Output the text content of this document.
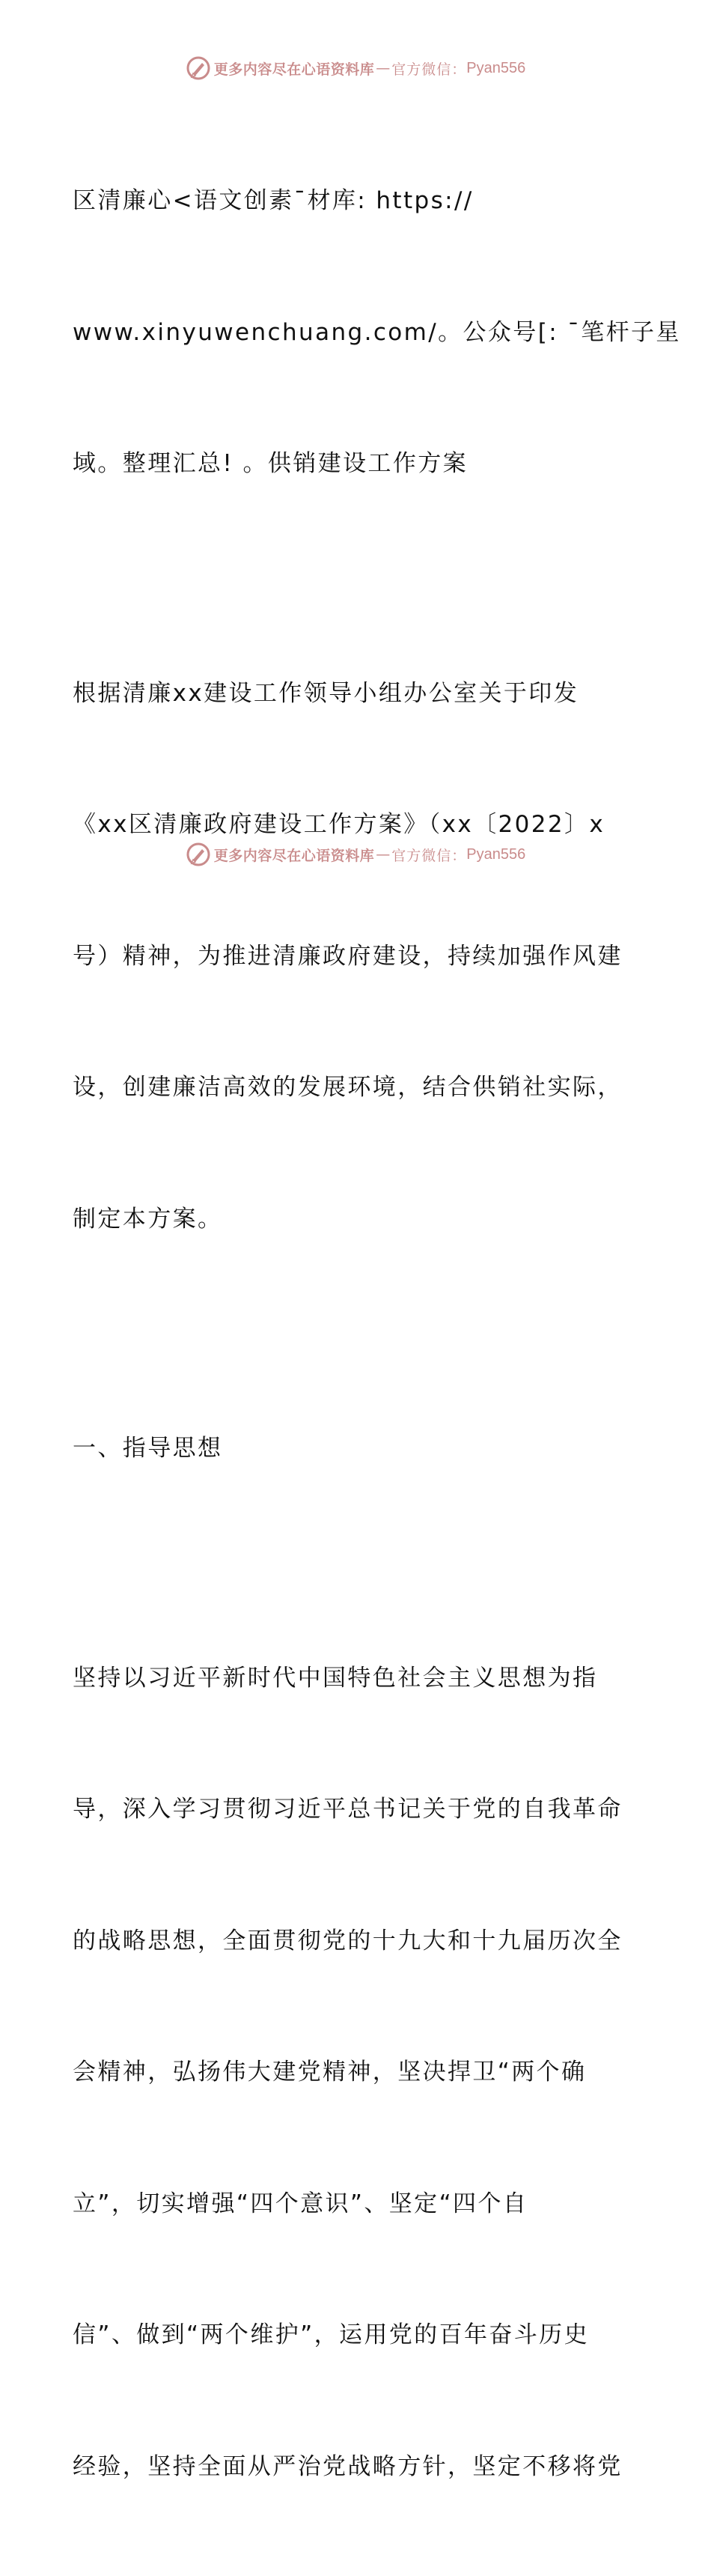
更多内容尽在心语资料库 — 官方微信： Pyan556

区清廉心<语文创素¯材库: https://

www.xinyuwenchuang.com/。公众号[: ¯笔杆子星

域。整理汇总! 。供销建设工作方案

根据清廉xx建设工作领导小组办公室关于印发

《xx区清廉政府建设工作方案》（xx〔2022〕x

号）精神，为推进清廉政府建设，持续加强作风建

设，创建廉洁高效的发展环境，结合供销社实际，

制定本方案。

一、指导思想

坚持以习近平新时代中国特色社会主义思想为指

导，深入学习贯彻习近平总书记关于党的自我革命

的战略思想，全面贯彻党的十九大和十九届历次全

会精神，弘扬伟大建党精神，坚决捍卫“两个确

立”，切实增强“四个意识”、坚定“四个自

信”、做到“两个维护”，运用党的百年奋斗历史

经验，坚持全面从严治党战略方针，坚定不移将党

更多内容尽在心语资料库 — 官方微信： Pyan556
